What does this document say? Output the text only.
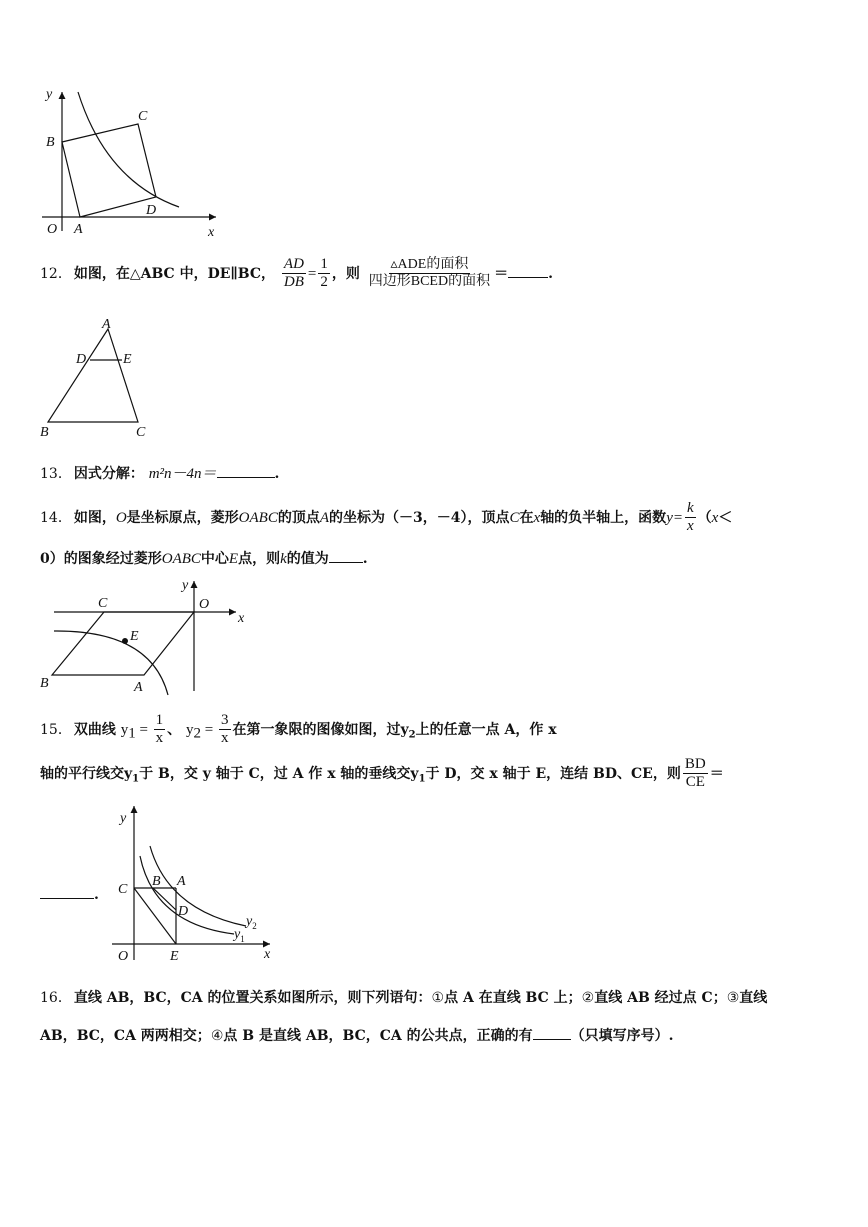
y
x
O A
B
C
D
12． 如图，在△ABC 中，DE∥BC， $\frac{AD}{DB} = \frac{1}{2}$ ，则 $\frac{\text{▵ADE的面积}}{\text{四边形BCED的面积}}$ ＝	.
A
D	E
B	C
13． 因式分解： m²n－4n＝	.
14． 如图，O是坐标原点，菱形OABC的顶点A的坐标为（－3，－4），顶点C在x轴的负半轴上，函数$y= \frac{k}{x} (x<$
0）的图象经过菱形OABC中心E点，则k的值为 .
y
x
O
C
E
B	A
15． 双曲线 $y_1 = \frac{1}{x}$ 、 $y_2 = \frac{3}{x}$ 在第一象限的图像如图，过$y_2$上的任意一点 A，作 x
轴的平行线交$y_1$于 B，交 y 轴于 C，过 A 作 x 轴的垂线交$y_1$于 D，交 x 轴于 E，连结 BD、CE，则 $\frac{BD}{CE}$ ＝
.
y
x
O
C
B A
D
E
$y_2$
$y_1$
16． 直线 AB，BC，CA 的位置关系如图所示，则下列语句：①点 A 在直线 BC 上；②直线 AB 经过点 C；③直线
AB，BC，CA 两两相交；④点 B 是直线 AB，BC，CA 的公共点，正确的有	（只填写序号）.
